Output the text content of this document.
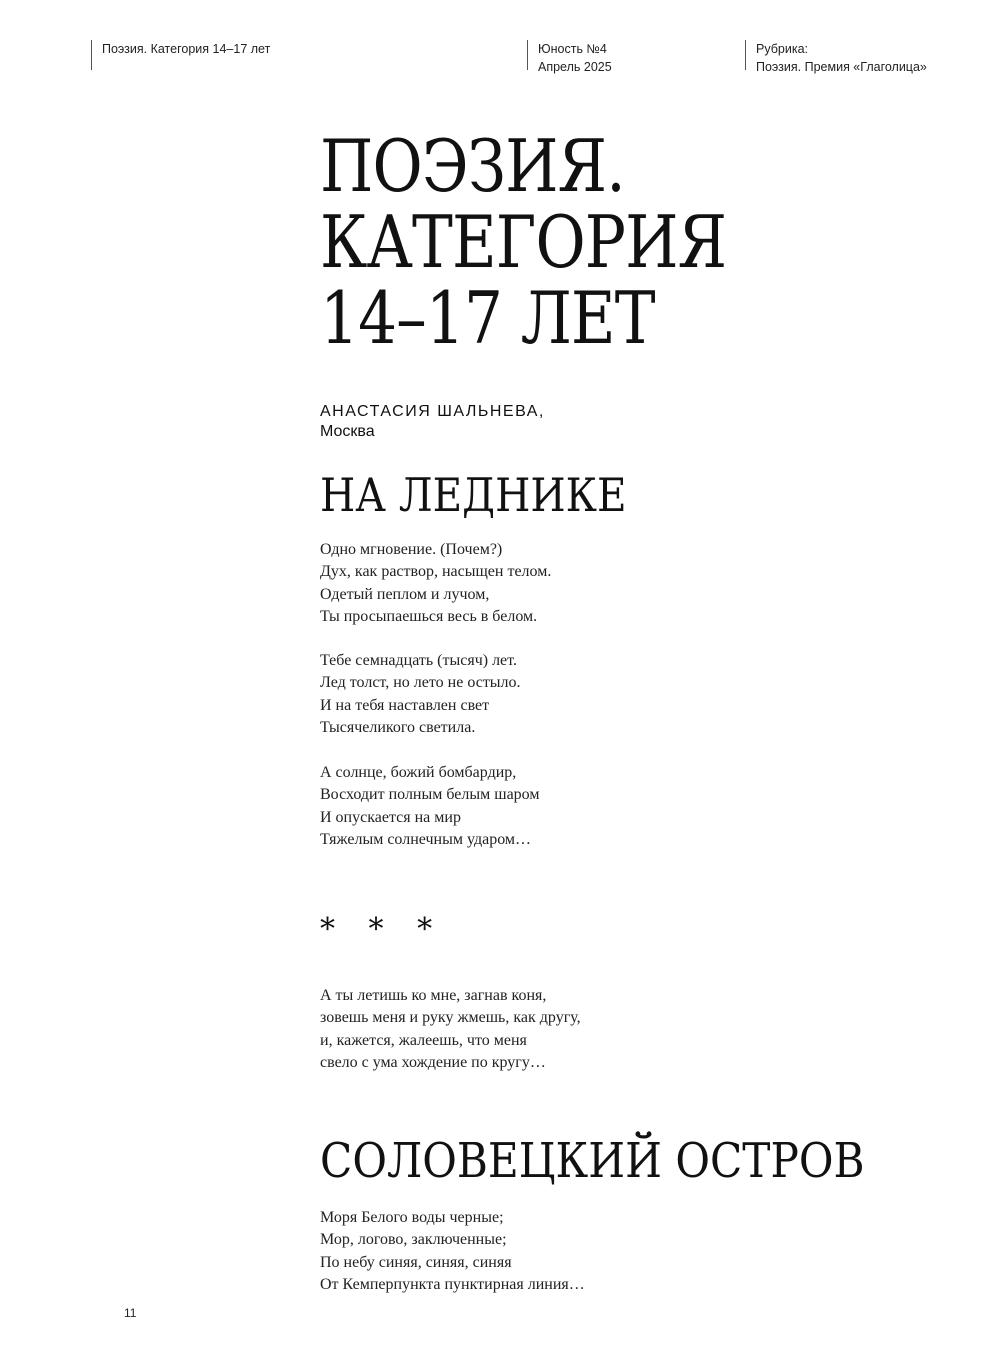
Поэзия. Категория 14–17 лет	Юность №4
Апрель 2025
Рубрика:
Поэзия. Премия «Глаголица»
ПОЭЗИЯ.
КАТЕГОРИЯ
14–17 ЛЕТ
АНАСТАСИЯ ШАЛЬНЕВА,
Москва
НА ЛЕДНИКЕ
Одно мгновение. (Почем?)
Дух, как раствор, насыщен телом.
Одетый пеплом и лучом,
Ты просыпаешься весь в белом.
Тебе семнадцать (тысяч) лет.
Лед толст, но лето не остыло.
И на тебя наставлен свет
Тысячеликого светила.
А солнце, божий бомбардир,
Восходит полным белым шаром
И опускается на мир
Тяжелым солнечным ударом…
* * *
А ты летишь ко мне, загнав коня,
зовешь меня и руку жмешь, как другу,
и, кажется, жалеешь, что меня
свело с ума хождение по кругу…
СОЛОВЕЦКИЙ ОСТРОВ
Моря Белого воды черные;
Мор, логово, заключенные;
По небу синяя, синяя, синяя
От Кемперпункта пунктирная линия…
11
